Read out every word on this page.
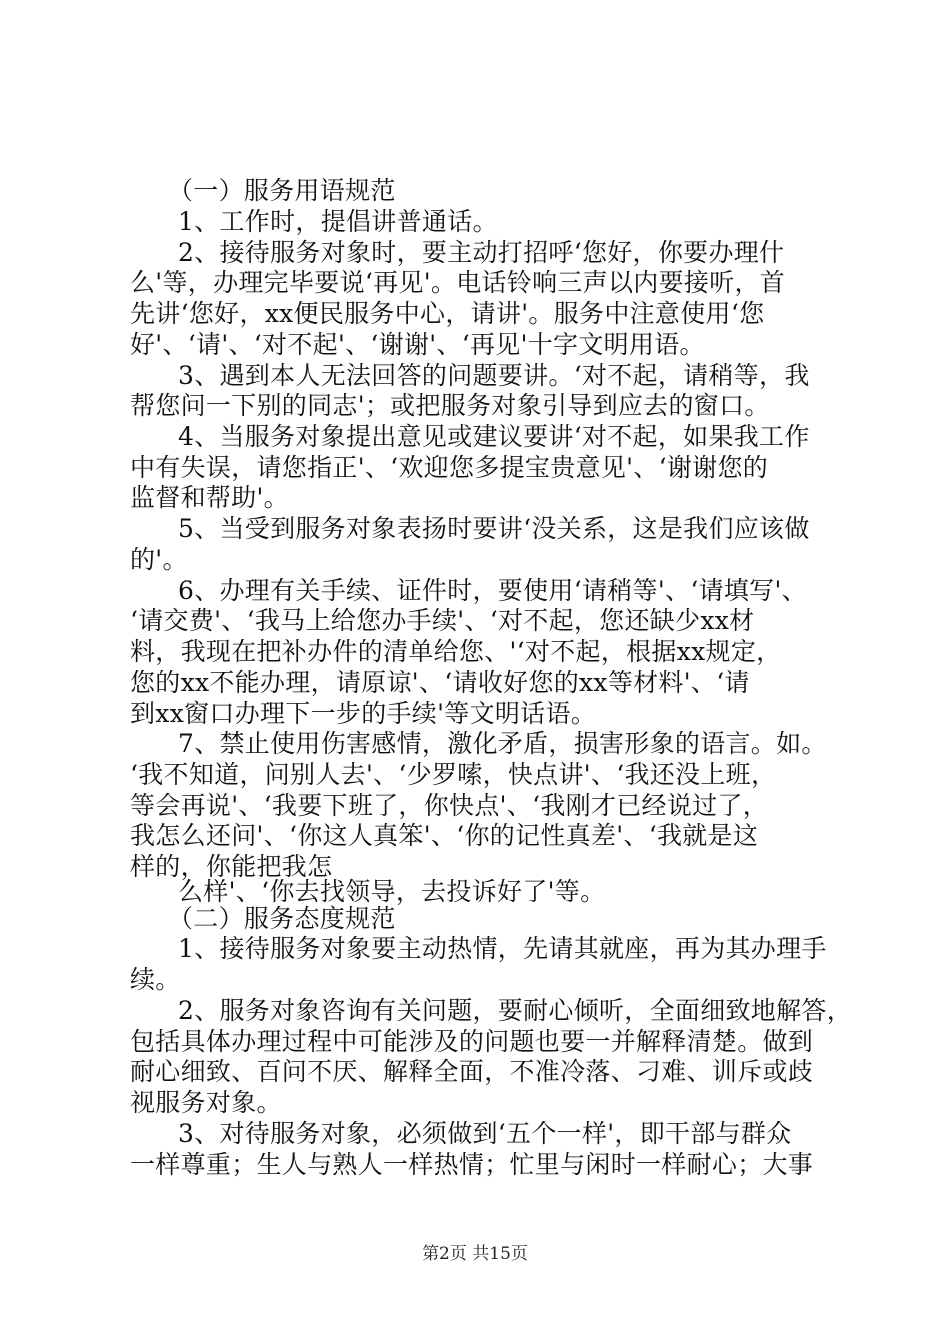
（一）服务用语规范
1、工作时，提倡讲普通话。
2、接待服务对象时，要主动打招呼‘您好，你要办理什
么'等，办理完毕要说‘再见'。电话铃响三声以内要接听，首
先讲‘您好，xx便民服务中心，请讲'。服务中注意使用‘您
好'、‘请'、‘对不起'、‘谢谢'、‘再见'十字文明用语。
3、遇到本人无法回答的问题要讲。‘对不起，请稍等，我
帮您问一下别的同志'；或把服务对象引导到应去的窗口。
4、当服务对象提出意见或建议要讲‘对不起，如果我工作
中有失误，请您指正'、‘欢迎您多提宝贵意见'、‘谢谢您的
监督和帮助'。
5、当受到服务对象表扬时要讲‘没关系，这是我们应该做
的'。
6、办理有关手续、证件时，要使用‘请稍等'、‘请填写'、
‘请交费'、‘我马上给您办手续'、‘对不起，您还缺少xx材
料，我现在把补办件的清单给您、'‘对不起，根据xx规定，
您的xx不能办理，请原谅'、‘请收好您的xx等材料'、‘请
到xx窗口办理下一步的手续'等文明话语。
7、禁止使用伤害感情，激化矛盾，损害形象的语言。如。
‘我不知道，问别人去'、‘少罗嗦，快点讲'、‘我还没上班，
等会再说'、‘我要下班了，你快点'、‘我刚才已经说过了，
我怎么还问'、‘你这人真笨'、‘你的记性真差'、‘我就是这
样的，你能把我怎
么样'、‘你去找领导，去投诉好了'等。
（二）服务态度规范
1、接待服务对象要主动热情，先请其就座，再为其办理手
续。
2、服务对象咨询有关问题，要耐心倾听，全面细致地解答，
包括具体办理过程中可能涉及的问题也要一并解释清楚。做到
耐心细致、百问不厌、解释全面，不准冷落、刁难、训斥或歧
视服务对象。
3、对待服务对象，必须做到‘五个一样'，即干部与群众
一样尊重；生人与熟人一样热情；忙里与闲时一样耐心；大事
第2页 共15页
